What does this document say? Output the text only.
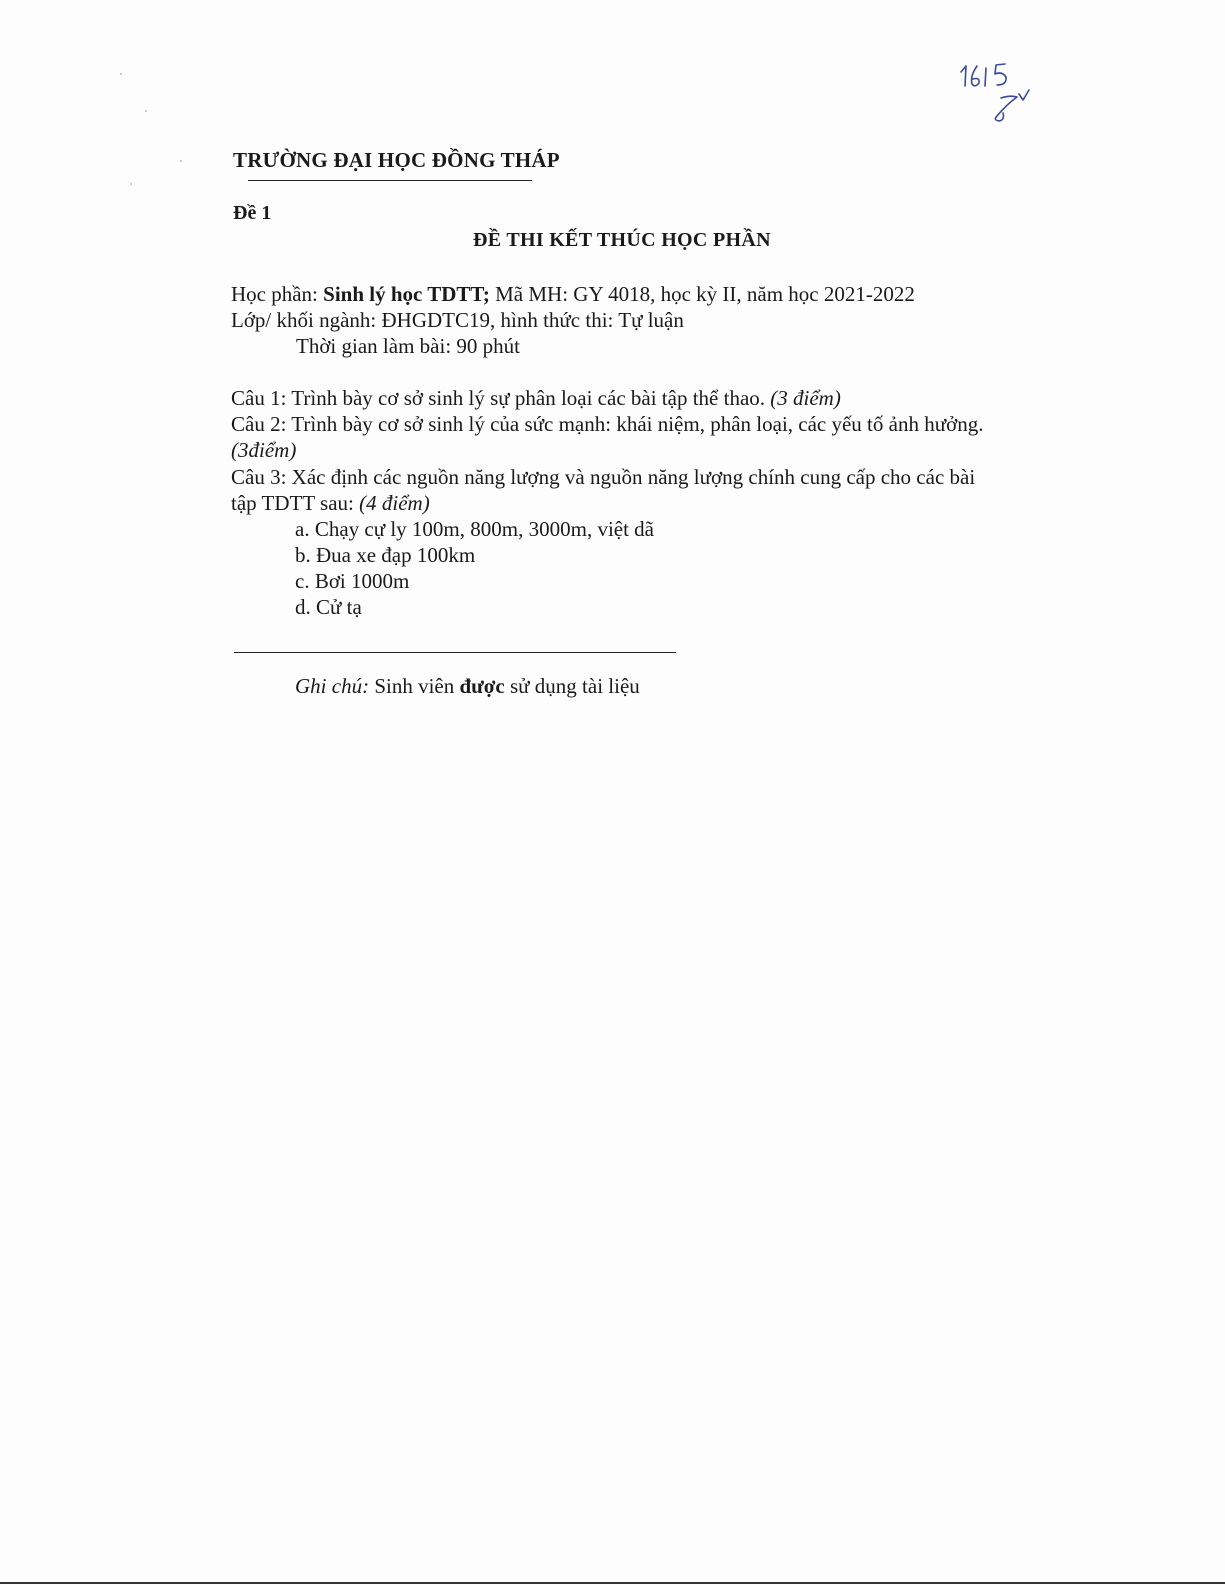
TRƯỜNG ĐẠI HỌC ĐỒNG THÁP
Đề 1
ĐỀ THI KẾT THÚC HỌC PHẦN
Học phần: Sinh lý học TDTT; Mã MH: GY 4018, học kỳ II, năm học 2021-2022
Lớp/ khối ngành: ĐHGDTC19, hình thức thi: Tự luận
Thời gian làm bài: 90 phút
Câu 1: Trình bày cơ sở sinh lý sự phân loại các bài tập thể thao. (3 điểm)
Câu 2: Trình bày cơ sở sinh lý của sức mạnh: khái niệm, phân loại, các yếu tố ảnh hưởng.
(3điểm)
Câu 3: Xác định các nguồn năng lượng và nguồn năng lượng chính cung cấp cho các bài
tập TDTT sau: (4 điểm)
a. Chạy cự ly 100m, 800m, 3000m, việt dã
b. Đua xe đạp 100km
c. Bơi 1000m
d. Cử tạ
Ghi chú: Sinh viên được sử dụng tài liệu
